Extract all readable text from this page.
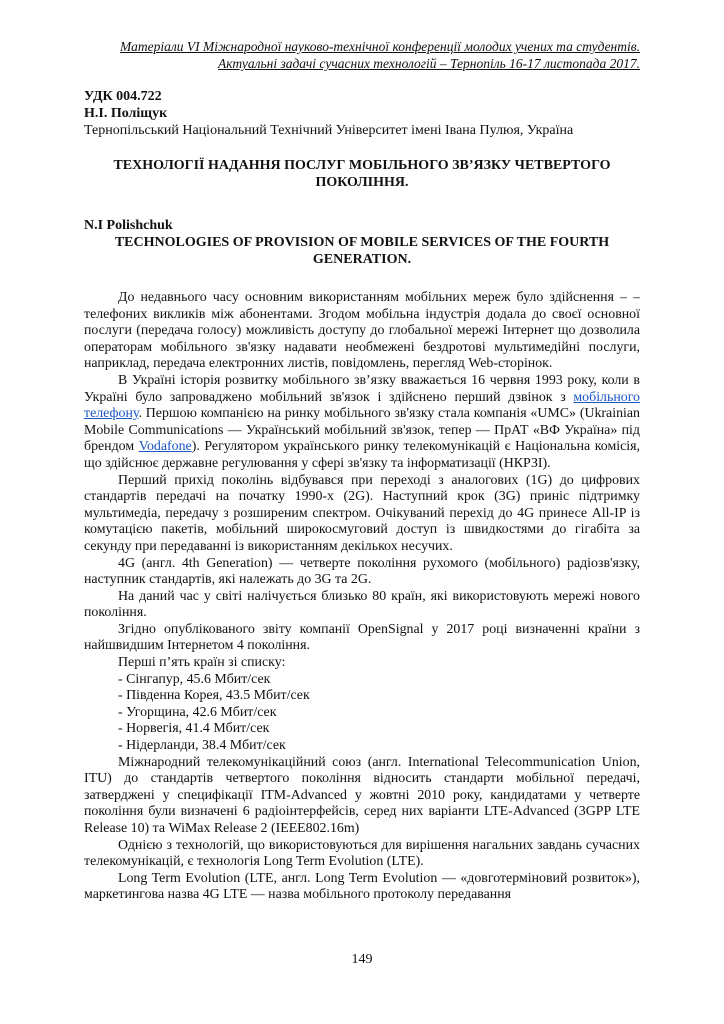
Матеріали VI Міжнародної науково-технічної конференції молодих учених та студентів.
Актуальні задачі сучасних технологій – Тернопіль 16-17 листопада 2017.
УДК 004.722
Н.І. Поліщук
Тернопільський Національний Технічний Університет імені Івана Пулюя, Україна
ТЕХНОЛОГІЇ НАДАННЯ ПОСЛУГ МОБІЛЬНОГО ЗВ’ЯЗКУ ЧЕТВЕРТОГО ПОКОЛІННЯ.
N.I Polishchuk
TECHNOLOGIES OF PROVISION OF MOBILE SERVICES OF THE FOURTH GENERATION.

До недавнього часу основним використанням мобільних мереж було здійснення – –телефоних викликів між абонентами. Згодом мобільна індустрія додала до своєї основної послуги (передача голосу) можливість доступу до глобальної мережі Інтернет що дозволила операторам мобільного зв'язку надавати необмежені бездротові мультимедійні послуги, наприклад, передача електронних листів, повідомлень, перегляд Web-сторінок.

В Україні історія розвитку мобільного зв’язку вважається 16 червня 1993 року, коли в Україні було запроваджено мобільний зв'язок і здійснено перший дзвінок з мобільного телефону. Першою компанією на ринку мобільного зв'язку стала компанія «UMC» (Ukrainian Mobile Communications — Український мобільний зв'язок, тепер — ПрАТ «ВФ Україна» під брендом Vodafone). Регулятором українського ринку телекомунікацій є Національна комісія, що здійснює державне регулювання у сфері зв'язку та інформатизації (НКРЗІ).

Перший прихід поколінь відбувався при переході з аналогових (1G) до цифрових стандартів передачі на початку 1990-х (2G). Наступний крок (3G) приніс підтримку мультимедіа, передачу з розширеним спектром. Очікуваний перехід до 4G принесе All-IP із комутацією пакетів, мобільний широкосмуговий доступ із швидкостями до гігабіта за секунду при передаванні із використанням декількох несучих.

4G (англ. 4th Generation) — четверте покоління рухомого (мобільного) радіозв'язку, наступник стандартів, які належать до 3G та 2G.

На даний час у світі налічується близько 80 країн, які використовують мережі нового покоління.

Згідно опублікованого звіту компанії OpenSignal у 2017 році визначенні країни з найшвидшим Інтернетом 4 покоління.

Перші п’ять країн зі списку:

- Сінгапур, 45.6 Мбит/сек

- Південна Корея, 43.5 Мбит/сек

- Угорщина, 42.6 Мбит/сек

- Норвегія, 41.4 Мбит/сек

- Нідерланди, 38.4 Мбит/сек

Міжнародний телекомунікаційний союз (англ. International Telecommunication Union, ITU) до стандартів четвертого покоління відносить стандарти мобільної передачі, затверджені у специфікації ITM-Advanced у жовтні 2010 року, кандидатами у четверте покоління були визначені 6 радіоінтерфейсів, серед них варіанти LTE-Advanced (3GPP LTE Release 10) та WiMax Release 2 (IEEE802.16m)

Однією з технологій, що використовуються для вирішення нагальних завдань сучасних телекомунікацій, є технологія Long Term Evolution (LTE).

Long Term Evolution (LTE, англ. Long Term Evolution — «довготерміновий розвиток»), маркетингова назва 4G LTE — назва мобільного протоколу передавання

149
